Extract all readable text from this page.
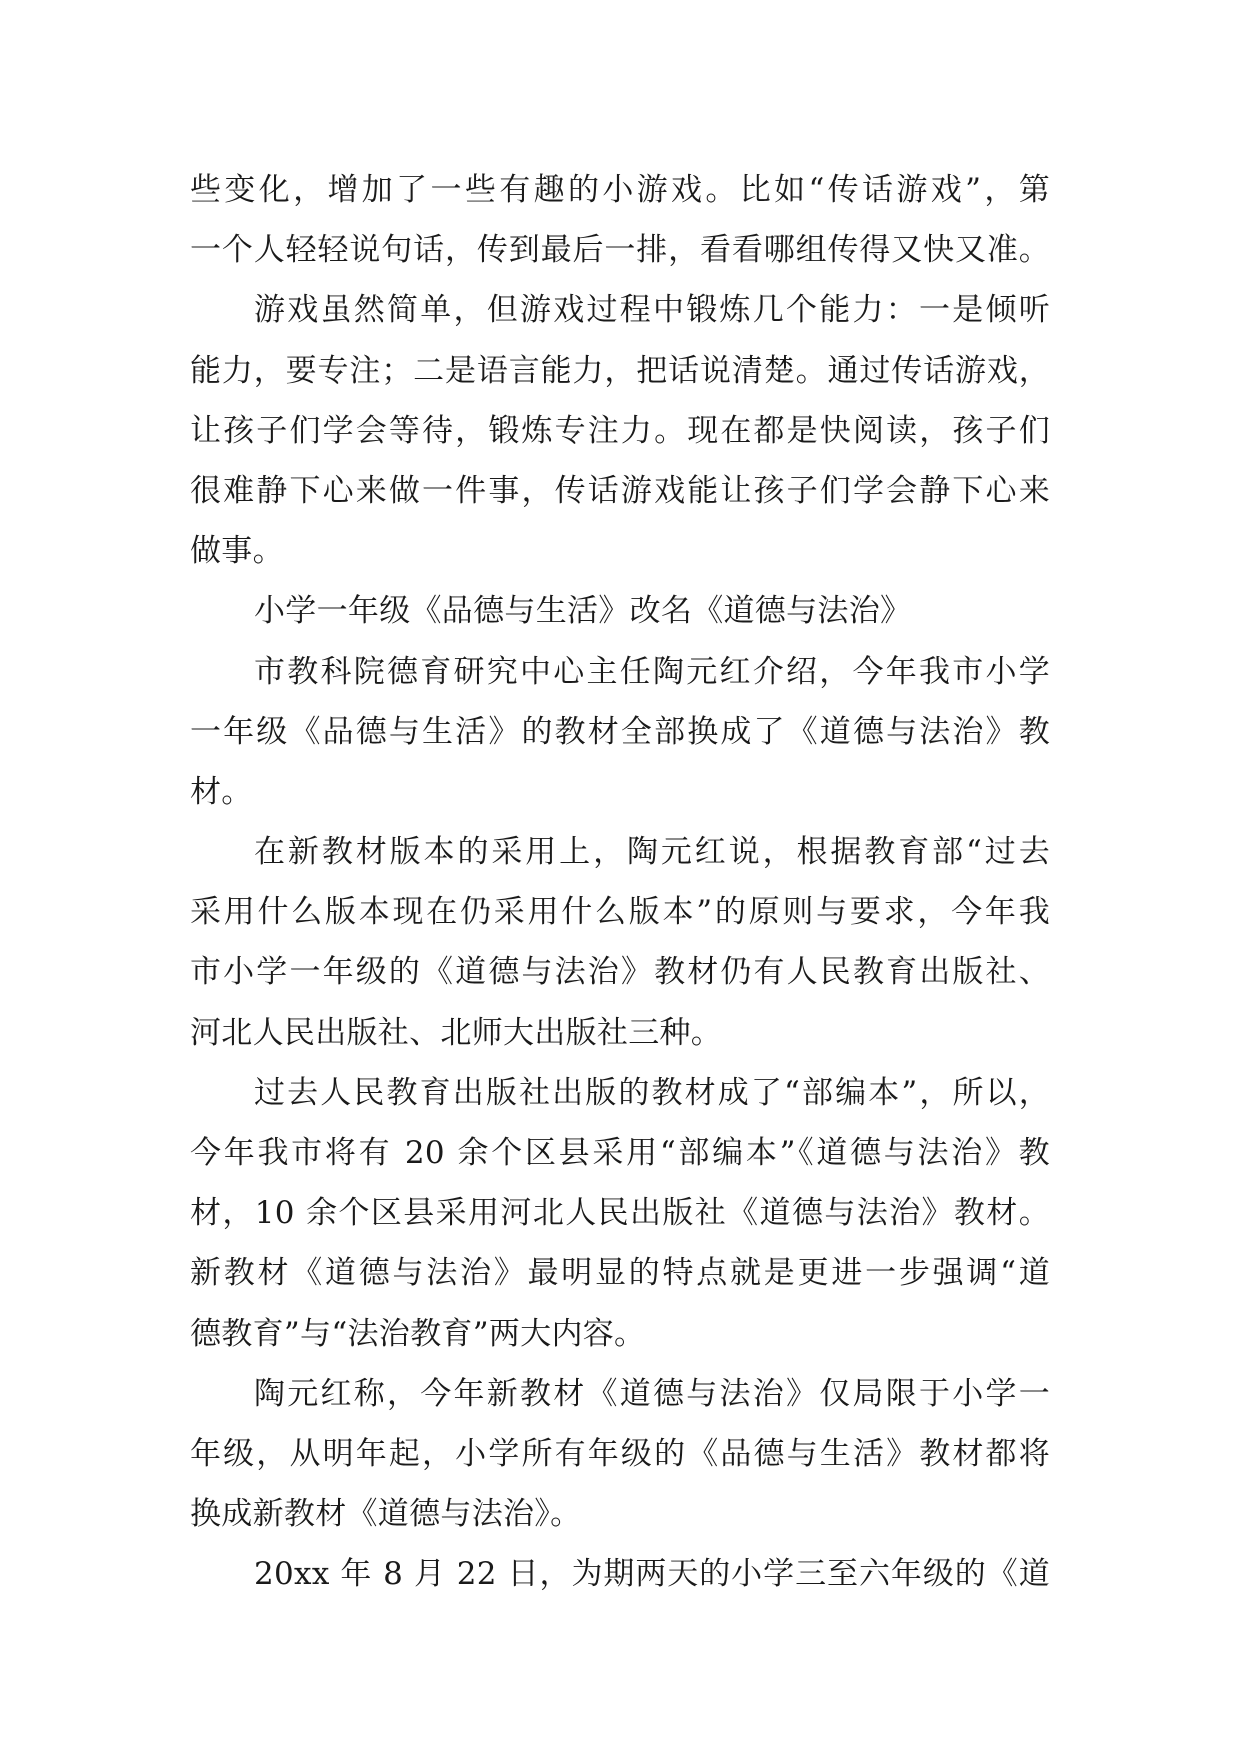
些变化，增加了一些有趣的小游戏。比如“传话游戏”，第
一个人轻轻说句话，传到最后一排，看看哪组传得又快又准。
游戏虽然简单，但游戏过程中锻炼几个能力：一是倾听
能力，要专注；二是语言能力，把话说清楚。通过传话游戏，
让孩子们学会等待，锻炼专注力。现在都是快阅读，孩子们
很难静下心来做一件事，传话游戏能让孩子们学会静下心来
做事。
小学一年级《品德与生活》改名《道德与法治》
市教科院德育研究中心主任陶元红介绍，今年我市小学
一年级《品德与生活》的教材全部换成了《道德与法治》教
材。
在新教材版本的采用上，陶元红说，根据教育部“过去
采用什么版本现在仍采用什么版本”的原则与要求，今年我
市小学一年级的《道德与法治》教材仍有人民教育出版社、
河北人民出版社、北师大出版社三种。
过去人民教育出版社出版的教材成了“部编本”，所以，
今年我市将有 20 余个区县采用“部编本”《道德与法治》教
材，10 余个区县采用河北人民出版社《道德与法治》教材。
新教材《道德与法治》最明显的特点就是更进一步强调“道
德教育”与“法治教育”两大内容。
陶元红称，今年新教材《道德与法治》仅局限于小学一
年级，从明年起，小学所有年级的《品德与生活》教材都将
换成新教材《道德与法治》。
20xx 年 8 月 22 日，为期两天的小学三至六年级的《道
